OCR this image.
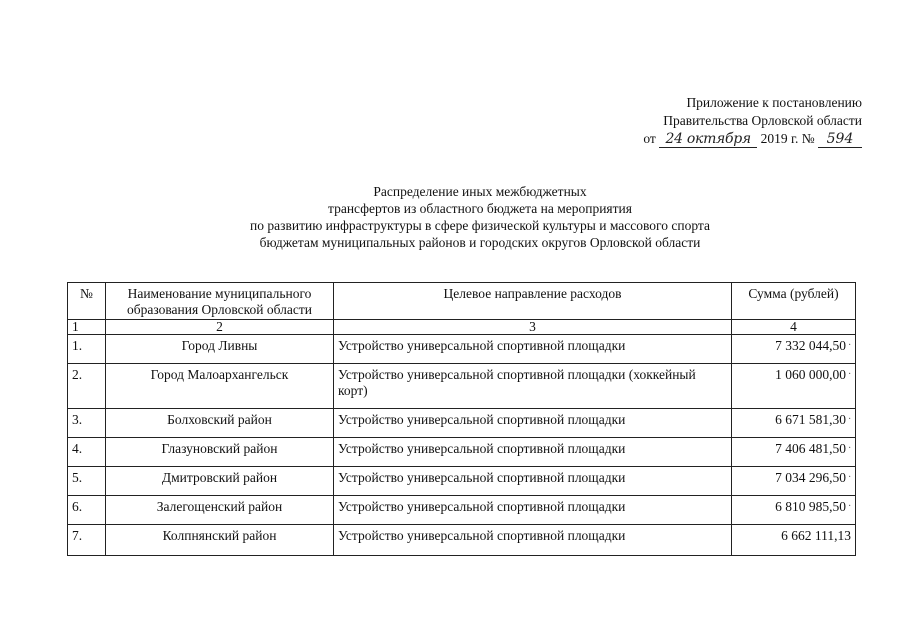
Приложение к постановлению
Правительства Орловской области
от 24 октября 2019 г. № 594
Распределение иных межбюджетных
трансфертов из областного бюджета на мероприятия
по развитию инфраструктуры в сфере физической культуры и массового спорта
бюджетам муниципальных районов и городских округов Орловской области
№	Наименование муниципального образования Орловской области	Целевое направление расходов	Сумма (рублей)
1	2	3	4
1.	Город Ливны	Устройство универсальной спортивной площадки	7 332 044,50 ·
2.	Город Малоархангельск	Устройство универсальной спортивной площадки (хоккейный корт)	1 060 000,00 ·
3.	Болховский район	Устройство универсальной спортивной площадки	6 671 581,30 ·
4.	Глазуновский район	Устройство универсальной спортивной площадки	7 406 481,50 ·
5.	Дмитровский район	Устройство универсальной спортивной площадки	7 034 296,50 ·
6.	Залегощенский район	Устройство универсальной спортивной площадки	6 810 985,50 ·
7.	Колпнянский район	Устройство универсальной спортивной площадки	6 662 111,13
